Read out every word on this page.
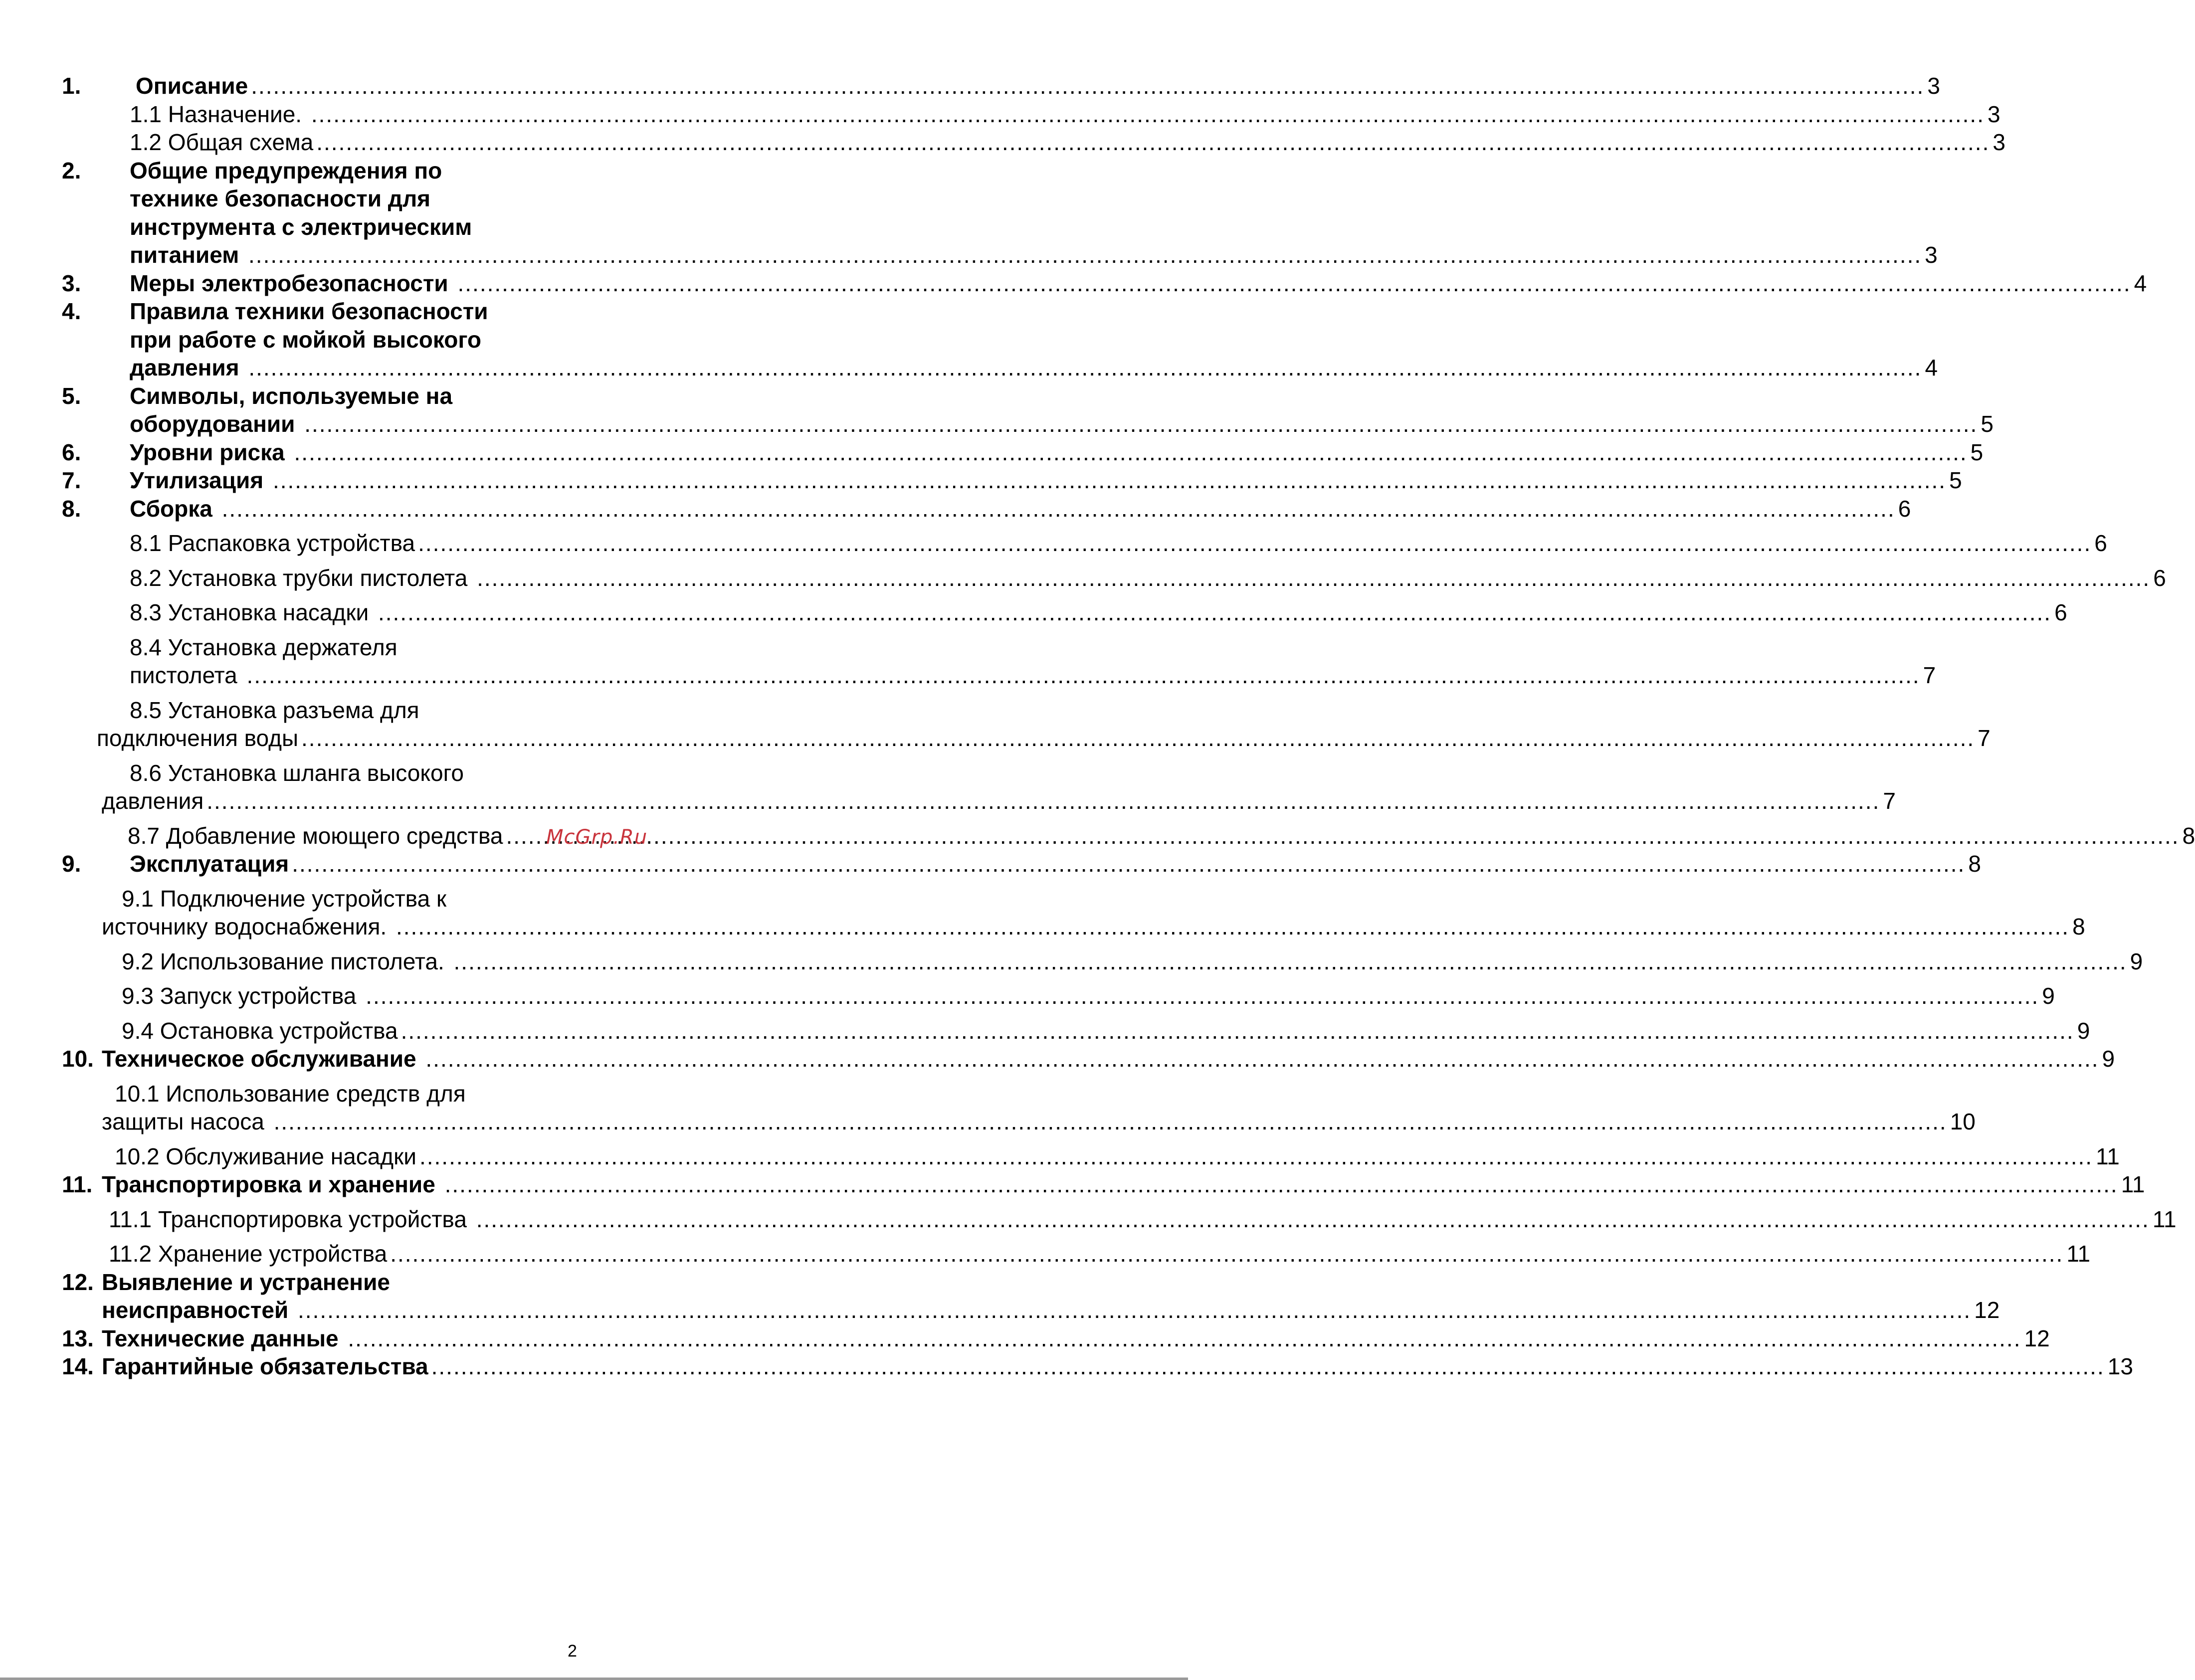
1.	Описание .....	3
1.1 Назначение. .....	3
1.2 Общая схема .....	3
2.	Общие предупреждения по
технике безопасности для
инструмента с электрическим
питанием .....	3
3.	Меры электробезопасности .....	4
4.	Правила техники безопасности
при работе с мойкой высокого
давления .....	4
5.	Символы, используемые на
оборудовании .....	5
6.	Уровни риска .....	5
7.	Утилизация .....	5
8.	Сборка .....	6
8.1 Распаковка устройства .....	6
8.2 Установка трубки пистолета .....	6
8.3 Установка насадки .....	6
8.4 Установка держателя
пистолета .....	7
8.5 Установка разъема для
подключения воды .....	7
8.6 Установка шланга высокого
давления .....	7
8.7 Добавление моющего средства .....	8
9.	Эксплуатация .....	8
9.1 Подключение устройства к
источнику водоснабжения. .....	8
9.2 Использование пистолета. .....	9
9.3 Запуск устройства .....	9
9.4 Остановка устройства .....	9
10. Техническое обслуживание .....	9
10.1 Использование средств для
защиты насоса .....	10
10.2 Обслуживание насадки .....	11
11. Транспортировка и хранение .....	11
11.1 Транспортировка устройства .....	11
11.2 Хранение устройства .....	11
12. Выявление и устранение
неисправностей .....	12
13. Технические данные .....	12
14. Гарантийные обязательства .....	13
McGrp.Ru
2
